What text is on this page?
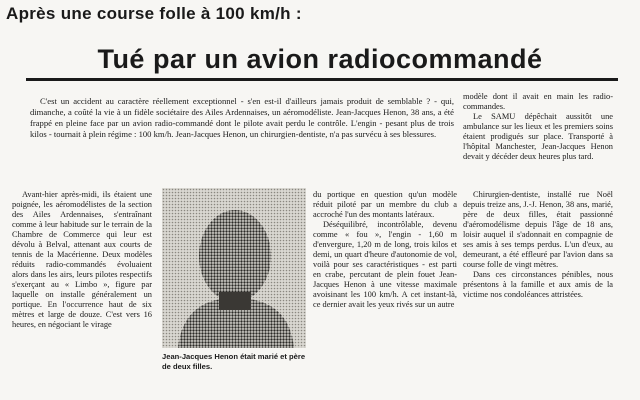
Après une course folle à 100 km/h :
Tué par un avion radiocommandé

C'est un accident au caractère réellement exceptionnel - s'en est-il d'ailleurs jamais produit de semblable ? - qui, dimanche, a coûté la vie à un fidèle sociétaire des Ailes Ardennaises, un aéromodéliste. Jean-Jacques Henon, 38 ans, a été frappé en pleine face par un avion radio-commandé dont le pilote avait perdu le contrôle. L'engin - pesant plus de trois kilos - tournait à plein régime : 100 km/h. Jean-Jacques Henon, un chirurgien-dentiste, n'a pas survécu à ses blessures.

modèle dont il avait en main les radio-commandes.

Le SAMU dépêchait aussitôt une ambulance sur les lieux et les premiers soins étaient prodigués sur place. Transporté à l'hôpital Manchester, Jean-Jacques Henon devait y décéder deux heures plus tard.

Avant-hier après-midi, ils étaient une poignée, les aéromodélistes de la section des Ailes Ardennaises, s'entraînant comme à leur habitude sur le terrain de la Chambre de Commerce qui leur est dévolu à Belval, attenant aux courts de tennis de la Macérienne. Deux modèles réduits radio-commandés évoluaient alors dans les airs, leurs pilotes respectifs s'exerçant au « Limbo », figure par laquelle on installe généralement un portique. En l'occurrence haut de six mètres et large de douze. C'est vers 16 heures, en négociant le virage

Jean-Jacques Henon était marié et père de deux filles.

du portique en question qu'un modèle réduit piloté par un membre du club a accroché l'un des montants latéraux.

Déséquilibré, incontrôlable, devenu comme « fou », l'engin - 1,60 m d'envergure, 1,20 m de long, trois kilos et demi, un quart d'heure d'autonomie de vol, voilà pour ses caractéristiques - est parti en crabe, percutant de plein fouet Jean-Jacques Henon à une vitesse maximale avoisinant les 100 km/h. A cet instant-là, ce dernier avait les yeux rivés sur un autre

Chirurgien-dentiste, installé rue Noël depuis treize ans, J.-J. Henon, 38 ans, marié, père de deux filles, était passionné d'aéromodélisme depuis l'âge de 18 ans, loisir auquel il s'adonnait en compagnie de ses amis à ses temps perdus. L'un d'eux, au demeurant, a été effleuré par l'avion dans sa course folle de vingt mètres.

Dans ces circonstances pénibles, nous présentons à la famille et aux amis de la victime nos condoléances attristées.
